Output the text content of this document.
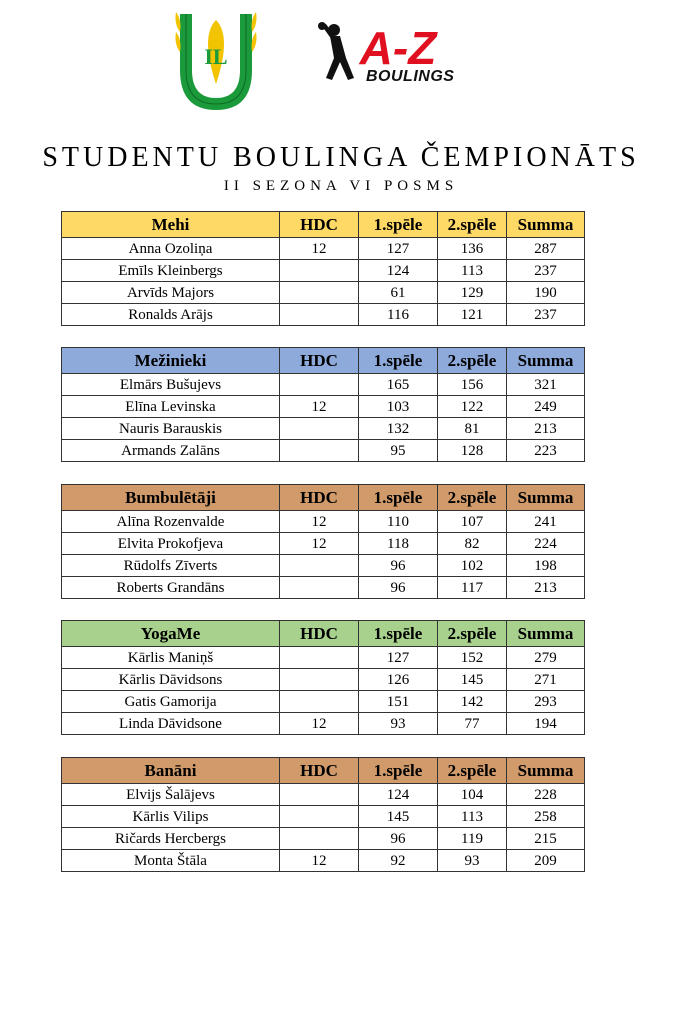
IL	A-Z
BOULINGS
STUDENTU BOULINGA ČEMPIONĀTS
II SEZONA VI POSMS
Mehi	HDC	1.spēle	2.spēle	Summa
Anna Ozoliņa	12	127	136	287
Emīls Kleinbergs		124	113	237
Arvīds Majors		61	129	190
Ronalds Arājs		116	121	237
Mežinieki	HDC	1.spēle	2.spēle	Summa
Elmārs Bušujevs		165	156	321
Elīna Levinska	12	103	122	249
Nauris Barauskis		132	81	213
Armands Zalāns		95	128	223
Bumbulētāji	HDC	1.spēle	2.spēle	Summa
Alīna Rozenvalde	12	110	107	241
Elvita Prokofjeva	12	118	82	224
Rūdolfs Zīverts		96	102	198
Roberts Grandāns		96	117	213
YogaMe	HDC	1.spēle	2.spēle	Summa
Kārlis Maniņš		127	152	279
Kārlis Dāvidsons		126	145	271
Gatis Gamorija		151	142	293
Linda Dāvidsone	12	93	77	194
Banāni	HDC	1.spēle	2.spēle	Summa
Elvijs Šalājevs		124	104	228
Kārlis Vilips		145	113	258
Ričards Hercbergs		96	119	215
Monta Štāla	12	92	93	209
